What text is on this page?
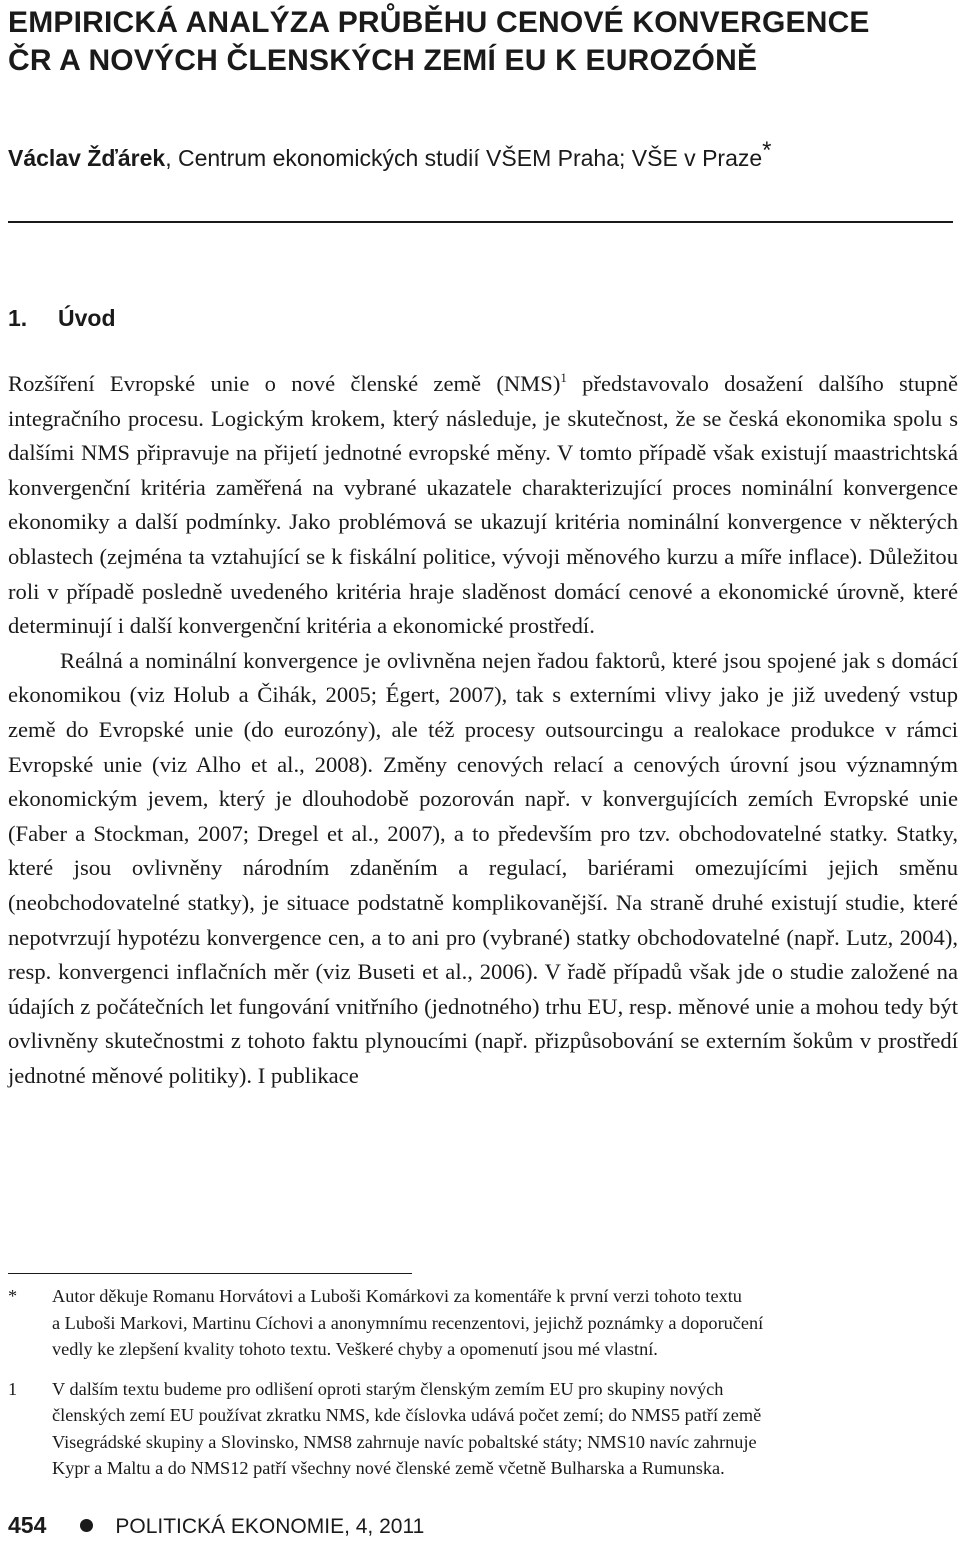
EMPIRICKÁ ANALÝZA PRŮBĚHU CENOVÉ KONVERGENCE
ČR A NOVÝCH ČLENSKÝCH ZEMÍ EU K EUROZÓNĚ
Václav Žďárek, Centrum ekonomických studií VŠEM Praha; VŠE v Praze*
1. Úvod

Rozšíření Evropské unie o nové členské země (NMS)$^1$ představovalo dosažení dalšího stupně integračního procesu. Logickým krokem, který následuje, je skutečnost, že se česká ekonomika spolu s dalšími NMS připravuje na přijetí jednotné evropské měny. V tomto případě však existují maastrichtská konvergenční kritéria zaměřená na vybrané ukazatele charakterizující proces nominální konvergence ekonomiky a další podmínky. Jako problémová se ukazují kritéria nominální konvergence v některých oblastech (zejména ta vztahující se k fiskální politice, vývoji měnového kurzu a míře inflace). Důležitou roli v případě posledně uvedeného kritéria hraje sladěnost domácí cenové a ekonomické úrovně, které determinují i další konvergenční kritéria a ekonomické prostředí.

Reálná a nominální konvergence je ovlivněna nejen řadou faktorů, které jsou spojené jak s domácí ekonomikou (viz Holub a Čihák, 2005; Égert, 2007), tak s externími vlivy jako je již uvedený vstup země do Evropské unie (do eurozóny), ale též procesy outsourcingu a realokace produkce v rámci Evropské unie (viz Alho et al., 2008). Změny cenových relací a cenových úrovní jsou významným ekonomickým jevem, který je dlouhodobě pozorován např. v konvergujících zemích Evropské unie (Faber a Stockman, 2007; Dregel et al., 2007), a to především pro tzv. obchodovatelné statky. Statky, které jsou ovlivněny národním zdaněním a regulací, bariérami omezujícími jejich směnu (neobchodovatelné statky), je situace podstatně komplikovanější. Na straně druhé existují studie, které nepotvrzují hypotézu konvergence cen, a to ani pro (vybrané) statky obchodovatelné (např. Lutz, 2004), resp. konvergenci inflačních měr (viz Buseti et al., 2006). V řadě případů však jde o studie založené na údajích z počátečních let fungování vnitřního (jednotného) trhu EU, resp. měnové unie a mohou tedy být ovlivněny skutečnostmi z tohoto faktu plynoucími (např. přizpůsobování se externím šokům v prostředí jednotné měnové politiky). I publikace

* Autor děkuje Romanu Horvátovi a Luboši Komárkovi za komentáře k první verzi tohoto textu
a Luboši Markovi, Martinu Cíchovi a anonymnímu recenzentovi, jejichž poznámky a doporučení
vedly ke zlepšení kvality tohoto textu. Veškeré chyby a opomenutí jsou mé vlastní.
1 V dalším textu budeme pro odlišení oproti starým členským zemím EU pro skupiny nových
členských zemí EU používat zkratku NMS, kde číslovka udává počet zemí; do NMS5 patří země
Visegrádské skupiny a Slovinsko, NMS8 zahrnuje navíc pobaltské státy; NMS10 navíc zahrnuje
Kypr a Maltu a do NMS12 patří všechny nové členské země včetně Bulharska a Rumunska.
454	POLITICKÁ EKONOMIE, 4, 2011
